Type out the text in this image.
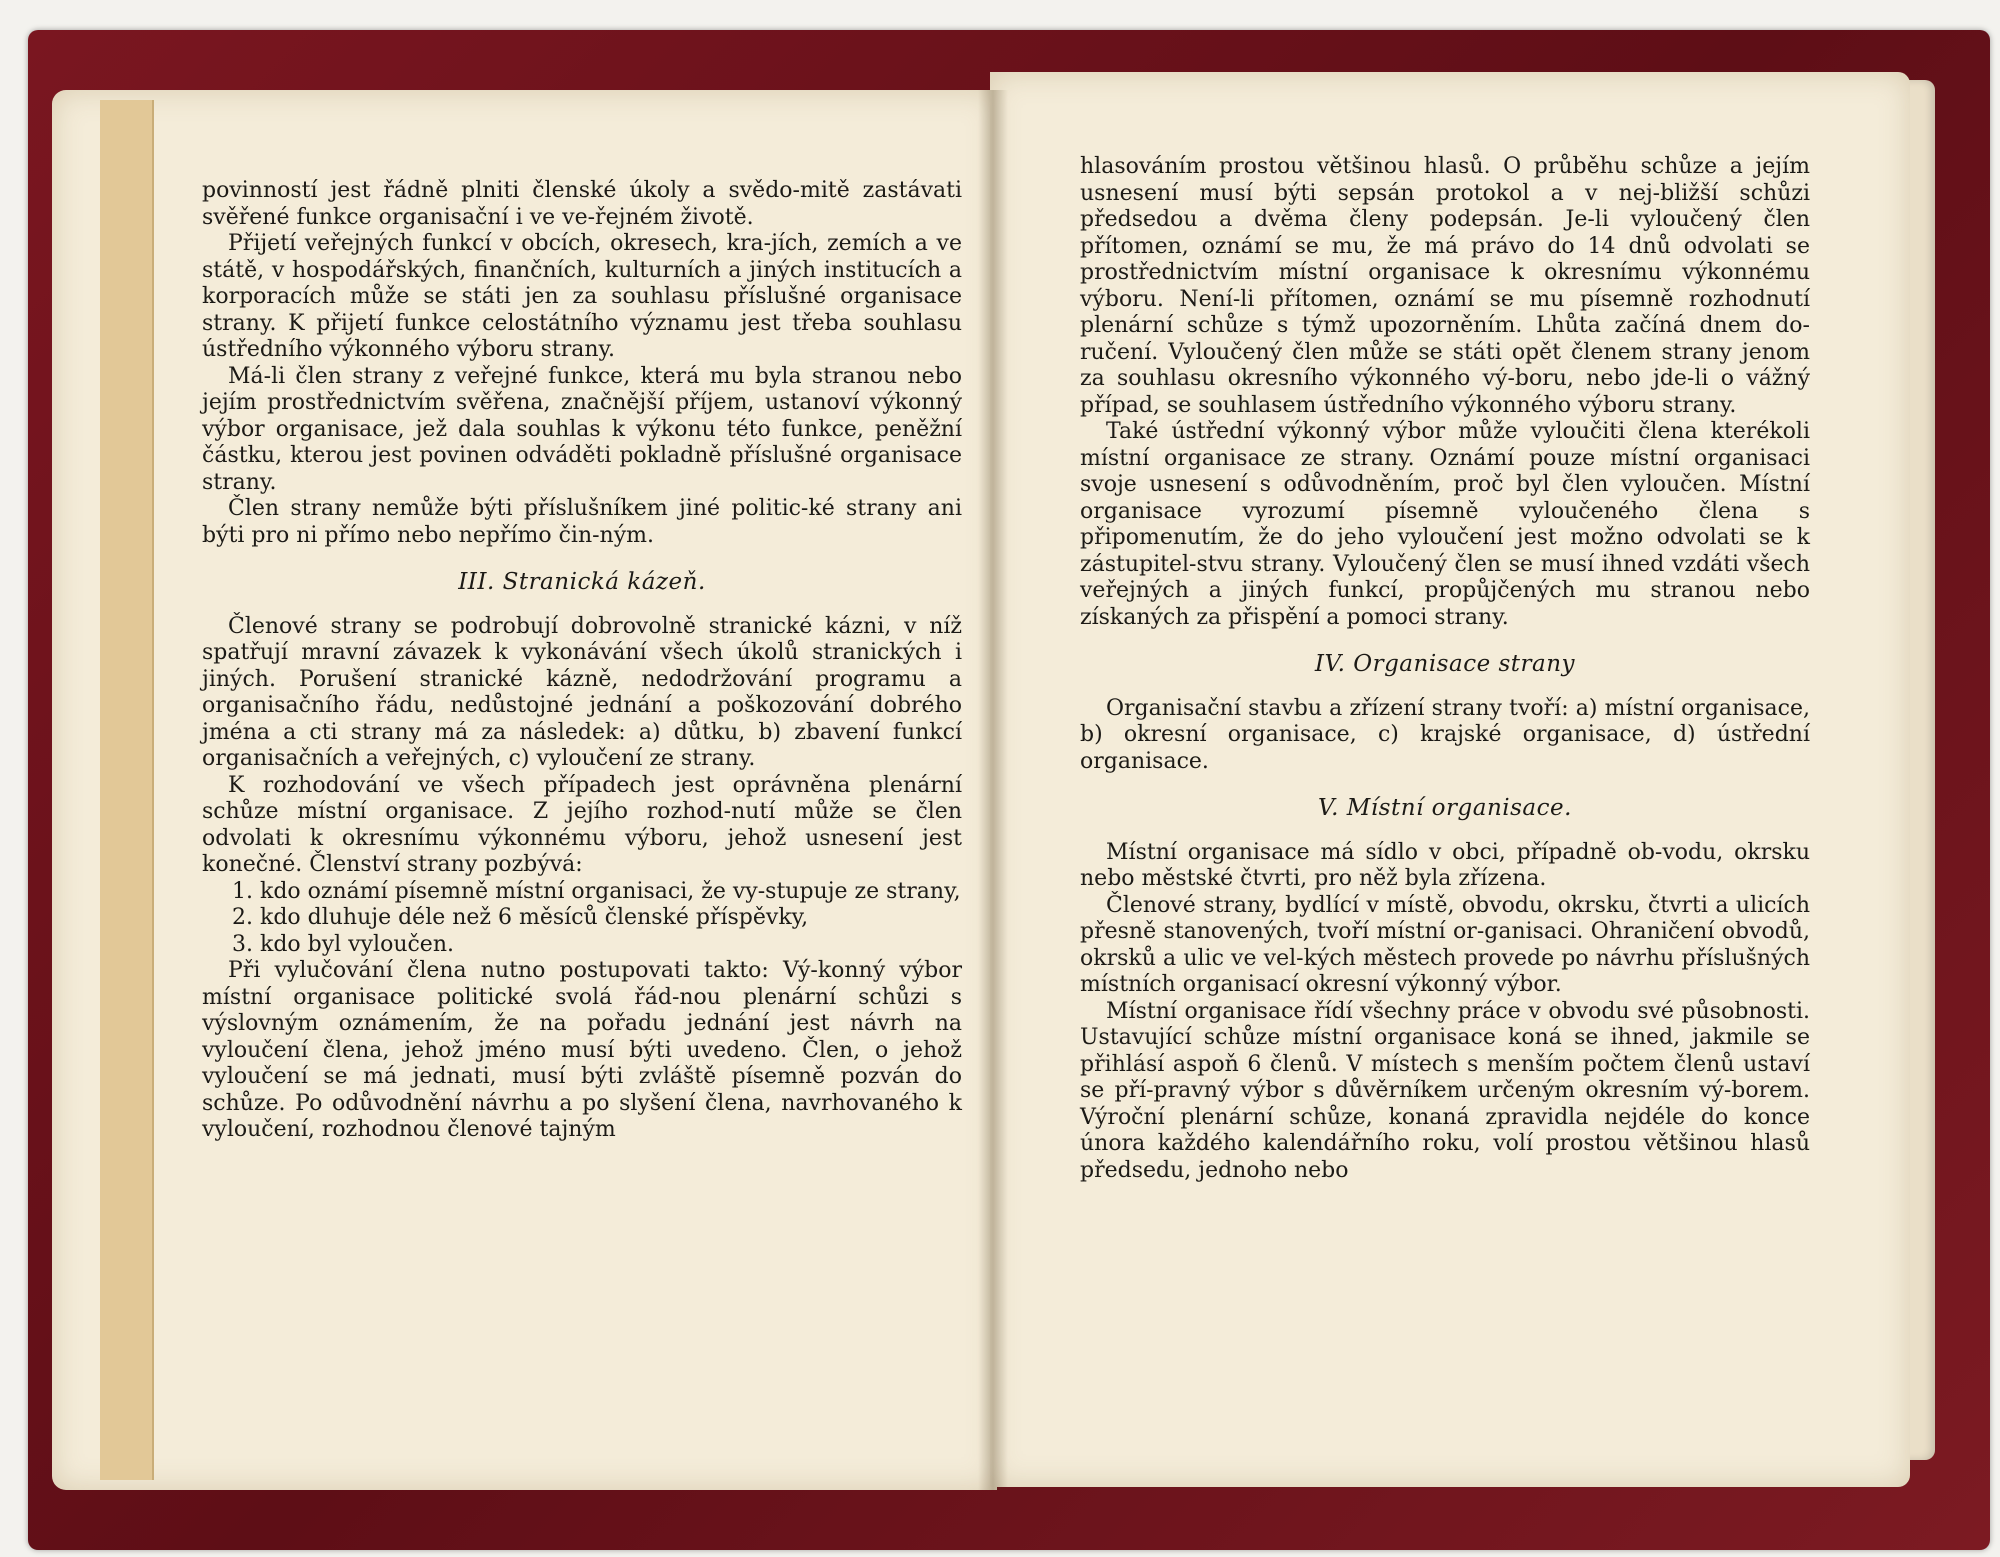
povinností jest řádně plniti členské úkoly a svědo-mitě zastávati svěřené funkce organisační i ve ve-řejném životě.

Přijetí veřejných funkcí v obcích, okresech, kra-jích, zemích a ve státě, v hospodářských, finančních, kulturních a jiných institucích a korporacích může se státi jen za souhlasu příslušné organisace strany. K přijetí funkce celostátního významu jest třeba souhlasu ústředního výkonného výboru strany.

Má-li člen strany z veřejné funkce, která mu byla stranou nebo jejím prostřednictvím svěřena, značnější příjem, ustanoví výkonný výbor organisace, jež dala souhlas k výkonu této funkce, peněžní částku, kterou jest povinen odváděti pokladně příslušné organisace strany.

Člen strany nemůže býti příslušníkem jiné politic-ké strany ani býti pro ni přímo nebo nepřímo čin-ným.

III. Stranická kázeň.

Členové strany se podrobují dobrovolně stranické kázni, v níž spatřují mravní závazek k vykonávání všech úkolů stranických i jiných. Porušení stranické kázně, nedodržování programu a organisačního řádu, nedůstojné jednání a poškozování dobrého jména a cti strany má za následek: a) důtku, b) zbavení funkcí organisačních a veřejných, c) vyloučení ze strany.

K rozhodování ve všech případech jest oprávněna plenární schůze místní organisace. Z jejího rozhod-nutí může se člen odvolati k okresnímu výkonnému výboru, jehož usnesení jest konečné. Členství strany pozbývá:

1. kdo oznámí písemně místní organisaci, že vy-stupuje ze strany,
2. kdo dluhuje déle než 6 měsíců členské příspěvky,
3. kdo byl vyloučen.

Při vylučování člena nutno postupovati takto: Vý-konný výbor místní organisace politické svolá řád-nou plenární schůzi s výslovným oznámením, že na pořadu jednání jest návrh na vyloučení člena, jehož jméno musí býti uvedeno. Člen, o jehož vyloučení se má jednati, musí býti zvláště písemně pozván do schůze. Po odůvodnění návrhu a po slyšení člena, navrhovaného k vyloučení, rozhodnou členové tajným

hlasováním prostou většinou hlasů. O průběhu schůze a jejím usnesení musí býti sepsán protokol a v nej-bližší schůzi předsedou a dvěma členy podepsán. Je-li vyloučený člen přítomen, oznámí se mu, že má právo do 14 dnů odvolati se prostřednictvím místní organisace k okresnímu výkonnému výboru. Není-li přítomen, oznámí se mu písemně rozhodnutí plenární schůze s týmž upozorněním. Lhůta začíná dnem do-ručení. Vyloučený člen může se státi opět členem strany jenom za souhlasu okresního výkonného vý-boru, nebo jde-li o vážný případ, se souhlasem ústředního výkonného výboru strany.

Také ústřední výkonný výbor může vyloučiti člena kterékoli místní organisace ze strany. Oznámí pouze místní organisaci svoje usnesení s odůvodněním, proč byl člen vyloučen. Místní organisace vyrozumí písemně vyloučeného člena s připomenutím, že do jeho vyloučení jest možno odvolati se k zástupitel-stvu strany. Vyloučený člen se musí ihned vzdáti všech veřejných a jiných funkcí, propůjčených mu stranou nebo získaných za přispění a pomoci strany.

IV. Organisace strany

Organisační stavbu a zřízení strany tvoří: a) místní organisace, b) okresní organisace, c) krajské organisace, d) ústřední organisace.

V. Místní organisace.

Místní organisace má sídlo v obci, případně ob-vodu, okrsku nebo městské čtvrti, pro něž byla zřízena.

Členové strany, bydlící v místě, obvodu, okrsku, čtvrti a ulicích přesně stanovených, tvoří místní or-ganisaci. Ohraničení obvodů, okrsků a ulic ve vel-kých městech provede po návrhu příslušných místních organisací okresní výkonný výbor.

Místní organisace řídí všechny práce v obvodu své působnosti. Ustavující schůze místní organisace koná se ihned, jakmile se přihlásí aspoň 6 členů. V místech s menším počtem členů ustaví se pří-pravný výbor s důvěrníkem určeným okresním vý-borem. Výroční plenární schůze, konaná zpravidla nejdéle do konce února každého kalendářního roku, volí prostou většinou hlasů předsedu, jednoho nebo
